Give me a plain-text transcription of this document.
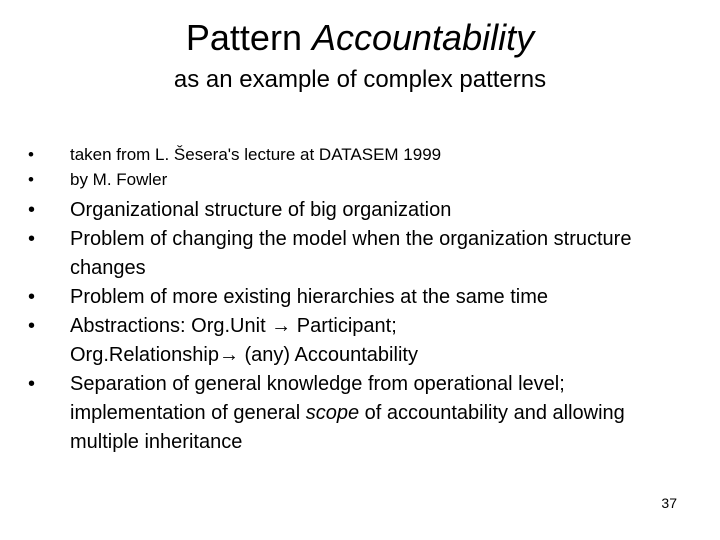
Pattern Accountability
as an example of complex patterns
• taken from L. Šesera's lecture at DATASEM 1999
• by M. Fowler
• Organizational structure of big organization
• Problem of changing the model when the organization structure changes
• Problem of more existing hierarchies at the same time
• Abstractions: Org.Unit → Participant;
Org.Relationship→ (any) Accountability
• Separation of general knowledge from operational level; implementation of general scope of accountability and allowing multiple inheritance
37
